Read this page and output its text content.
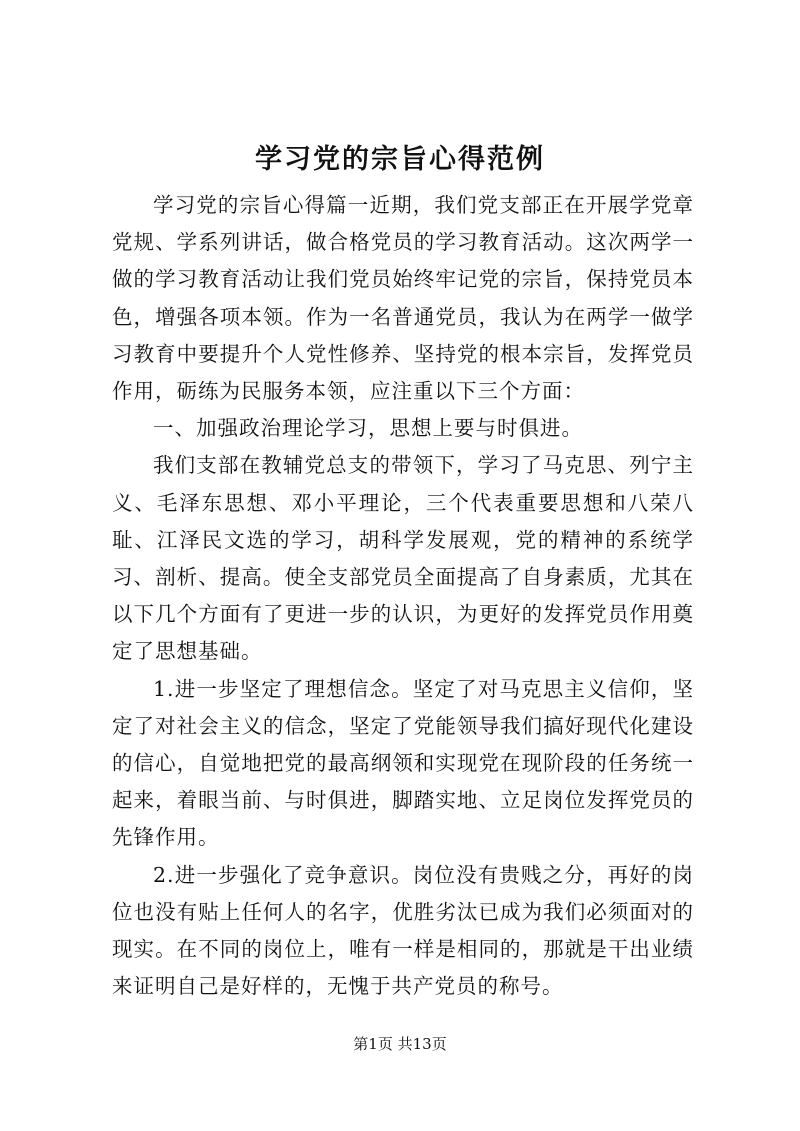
学习党的宗旨心得范例

学习党的宗旨心得篇一近期，我们党支部正在开展学党章党规、学系列讲话，做合格党员的学习教育活动。这次两学一做的学习教育活动让我们党员始终牢记党的宗旨，保持党员本色，增强各项本领。作为一名普通党员，我认为在两学一做学习教育中要提升个人党性修养、坚持党的根本宗旨，发挥党员作用，砺练为民服务本领，应注重以下三个方面：

一、加强政治理论学习，思想上要与时俱进。

我们支部在教辅党总支的带领下，学习了马克思、列宁主义、毛泽东思想、邓小平理论，三个代表重要思想和八荣八耻、江泽民文选的学习，胡科学发展观，党的精神的系统学习、剖析、提高。使全支部党员全面提高了自身素质，尤其在以下几个方面有了更进一步的认识，为更好的发挥党员作用奠定了思想基础。

1.进一步坚定了理想信念。坚定了对马克思主义信仰，坚定了对社会主义的信念，坚定了党能领导我们搞好现代化建设的信心，自觉地把党的最高纲领和实现党在现阶段的任务统一起来，着眼当前、与时俱进，脚踏实地、立足岗位发挥党员的先锋作用。

2.进一步强化了竞争意识。岗位没有贵贱之分，再好的岗位也没有贴上任何人的名字，优胜劣汰已成为我们必须面对的现实。在不同的岗位上，唯有一样是相同的，那就是干出业绩来证明自己是好样的，无愧于共产党员的称号。

第1页 共13页
